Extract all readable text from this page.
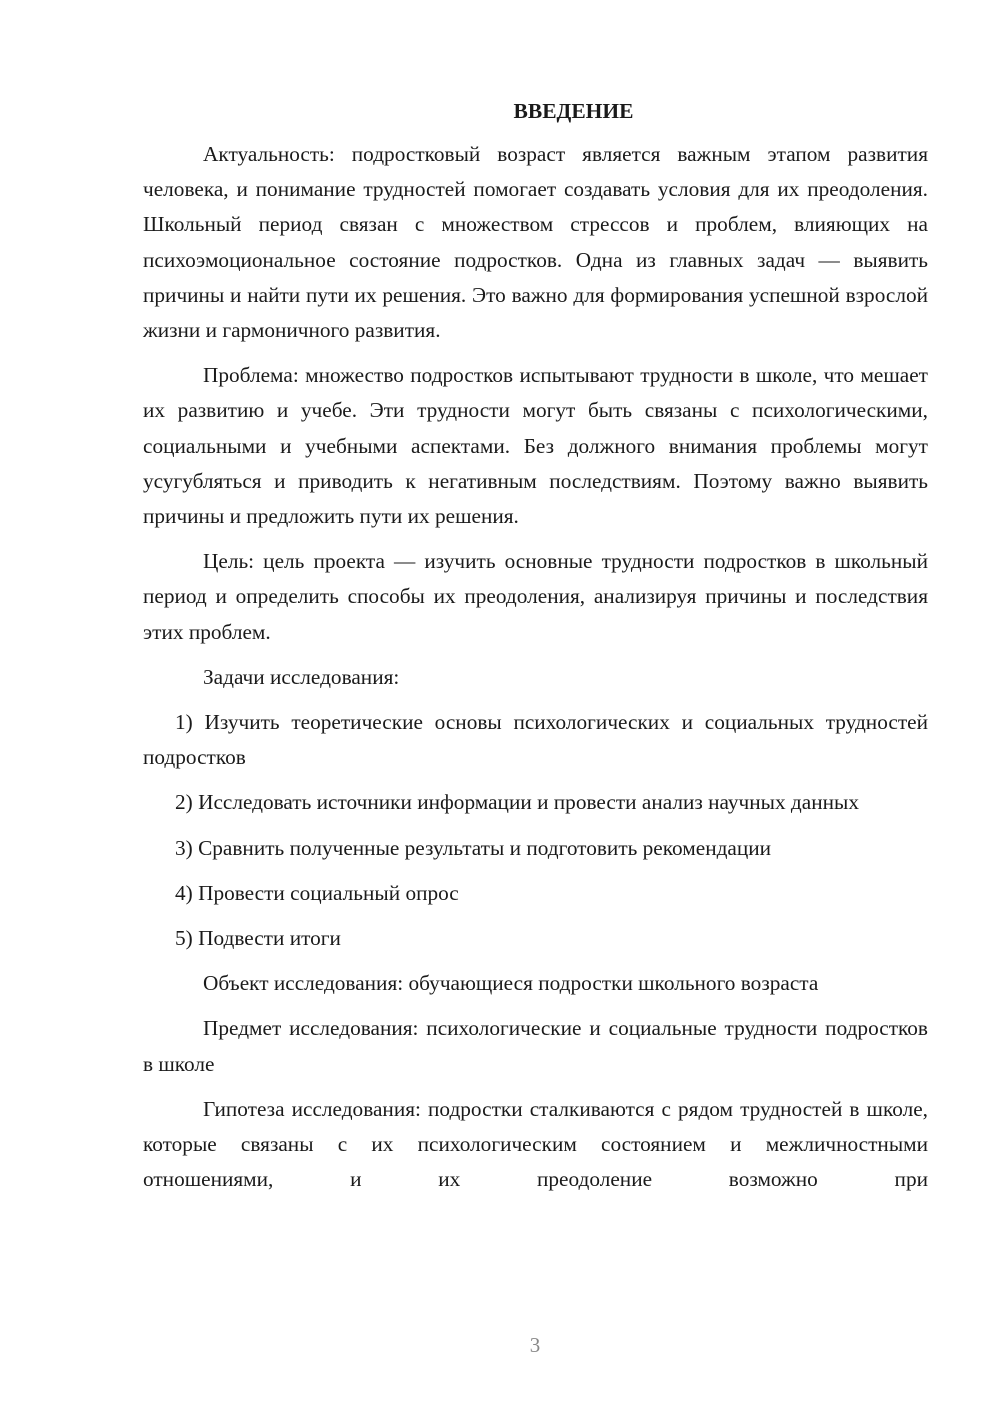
ВВЕДЕНИЕ

Актуальность: подростковый возраст является важным этапом развития человека, и понимание трудностей помогает создавать условия для их преодоления. Школьный период связан с множеством стрессов и проблем, влияющих на психоэмоциональное состояние подростков. Одна из главных задач — выявить причины и найти пути их решения. Это важно для формирования успешной взрослой жизни и гармоничного развития.

Проблема: множество подростков испытывают трудности в школе, что мешает их развитию и учебе. Эти трудности могут быть связаны с психологическими, социальными и учебными аспектами. Без должного внимания проблемы могут усугубляться и приводить к негативным последствиям. Поэтому важно выявить причины и предложить пути их решения.

Цель: цель проекта — изучить основные трудности подростков в школьный период и определить способы их преодоления, анализируя причины и последствия этих проблем.

Задачи исследования:

1) Изучить теоретические основы психологических и социальных трудностей подростков

2) Исследовать источники информации и провести анализ научных данных

3) Сравнить полученные результаты и подготовить рекомендации

4) Провести социальный опрос

5) Подвести итоги

Объект исследования: обучающиеся подростки школьного возраста

Предмет исследования: психологические и социальные трудности подростков в школе

Гипотеза исследования: подростки сталкиваются с рядом трудностей в школе, которые связаны с их психологическим состоянием и межличностными отношениями, и их преодоление возможно при

3
